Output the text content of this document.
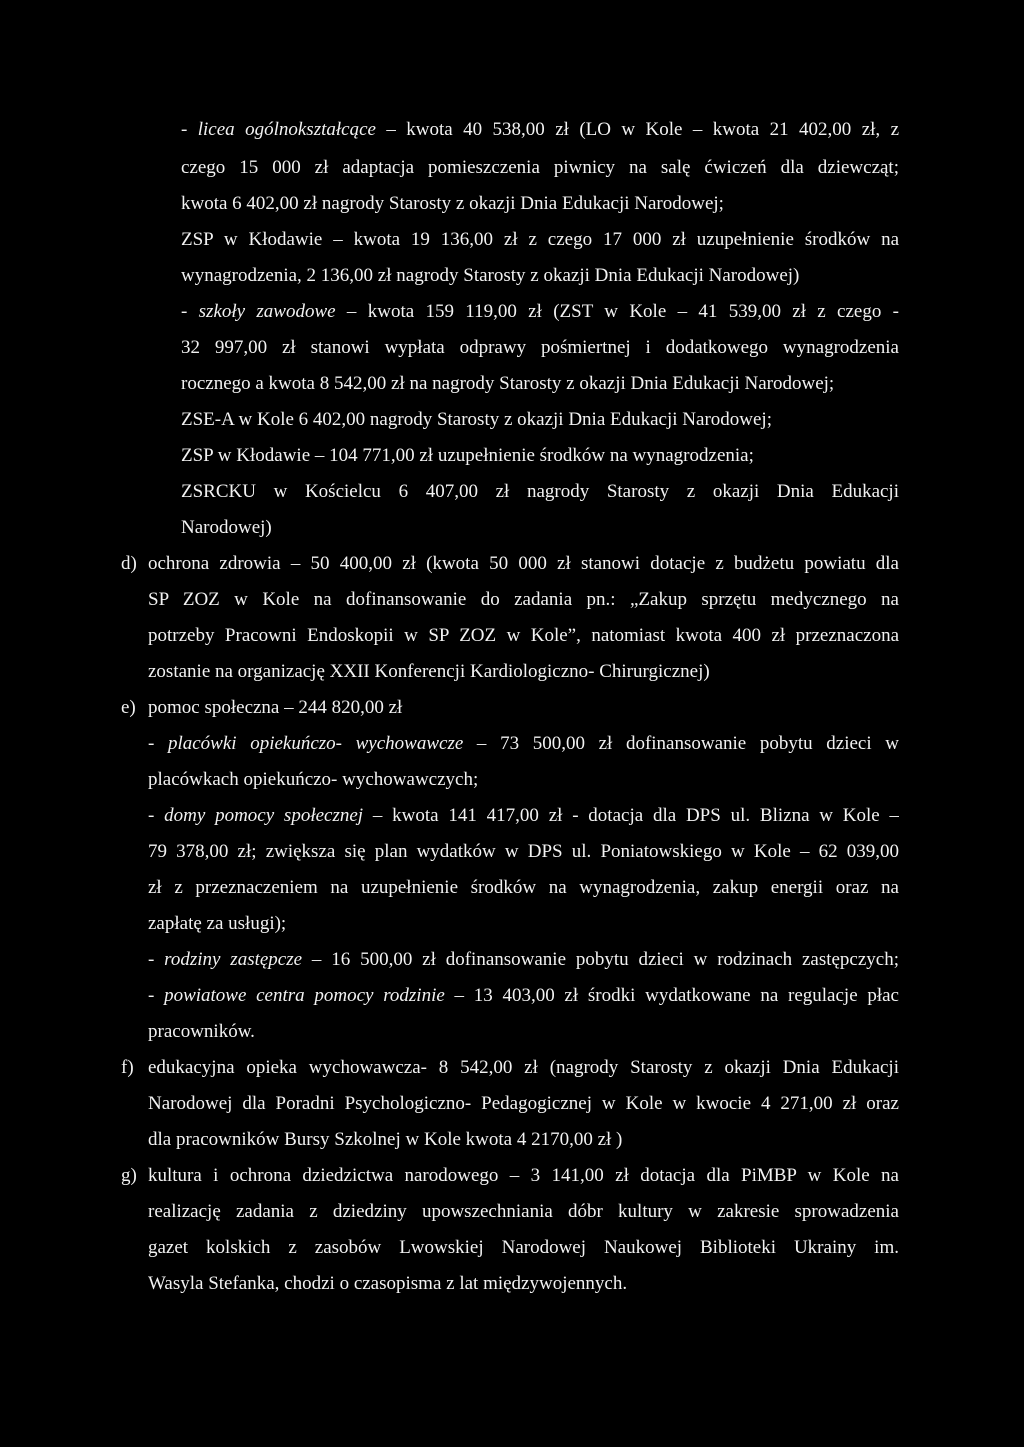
- licea ogólnokształcące – kwota 40 538,00 zł (LO w Kole – kwota 21 402,00 zł, z
czego 15 000 zł adaptacja pomieszczenia piwnicy na salę ćwiczeń dla dziewcząt;
kwota 6 402,00 zł nagrody Starosty z okazji Dnia Edukacji Narodowej;
ZSP w Kłodawie – kwota 19 136,00 zł z czego 17 000 zł uzupełnienie środków na
wynagrodzenia, 2 136,00 zł nagrody Starosty z okazji Dnia Edukacji Narodowej)
- szkoły zawodowe – kwota 159 119,00 zł (ZST w Kole – 41 539,00 zł z czego -
32 997,00 zł stanowi wypłata odprawy pośmiertnej i dodatkowego wynagrodzenia
rocznego a kwota 8 542,00 zł na nagrody Starosty z okazji Dnia Edukacji Narodowej;
ZSE-A w Kole 6 402,00 nagrody Starosty z okazji Dnia Edukacji Narodowej;
ZSP w Kłodawie – 104 771,00 zł uzupełnienie środków na wynagrodzenia;
ZSRCKU w Kościelcu 6 407,00 zł nagrody Starosty z okazji Dnia Edukacji
Narodowej)
d) ochrona zdrowia – 50 400,00 zł (kwota 50 000 zł stanowi dotacje z budżetu powiatu dla
SP ZOZ w Kole na dofinansowanie do zadania pn.: „Zakup sprzętu medycznego na
potrzeby Pracowni Endoskopii w SP ZOZ w Kole”, natomiast kwota 400 zł przeznaczona
zostanie na organizację XXII Konferencji Kardiologiczno- Chirurgicznej)
e) pomoc społeczna – 244 820,00 zł
- placówki opiekuńczo- wychowawcze – 73 500,00 zł dofinansowanie pobytu dzieci w
placówkach opiekuńczo- wychowawczych;
- domy pomocy społecznej – kwota 141 417,00 zł - dotacja dla DPS ul. Blizna w Kole –
79 378,00 zł; zwiększa się plan wydatków w DPS ul. Poniatowskiego w Kole – 62 039,00
zł z przeznaczeniem na uzupełnienie środków na wynagrodzenia, zakup energii oraz na
zapłatę za usługi);
- rodziny zastępcze – 16 500,00 zł dofinansowanie pobytu dzieci w rodzinach zastępczych;
- powiatowe centra pomocy rodzinie – 13 403,00 zł środki wydatkowane na regulacje płac
pracowników.
f) edukacyjna opieka wychowawcza- 8 542,00 zł (nagrody Starosty z okazji Dnia Edukacji
Narodowej dla Poradni Psychologiczno- Pedagogicznej w Kole w kwocie 4 271,00 zł oraz
dla pracowników Bursy Szkolnej w Kole kwota 4 2170,00 zł )
g) kultura i ochrona dziedzictwa narodowego – 3 141,00 zł dotacja dla PiMBP w Kole na
realizację zadania z dziedziny upowszechniania dóbr kultury w zakresie sprowadzenia
gazet kolskich z zasobów Lwowskiej Narodowej Naukowej Biblioteki Ukrainy im.
Wasyla Stefanka, chodzi o czasopisma z lat międzywojennych.
